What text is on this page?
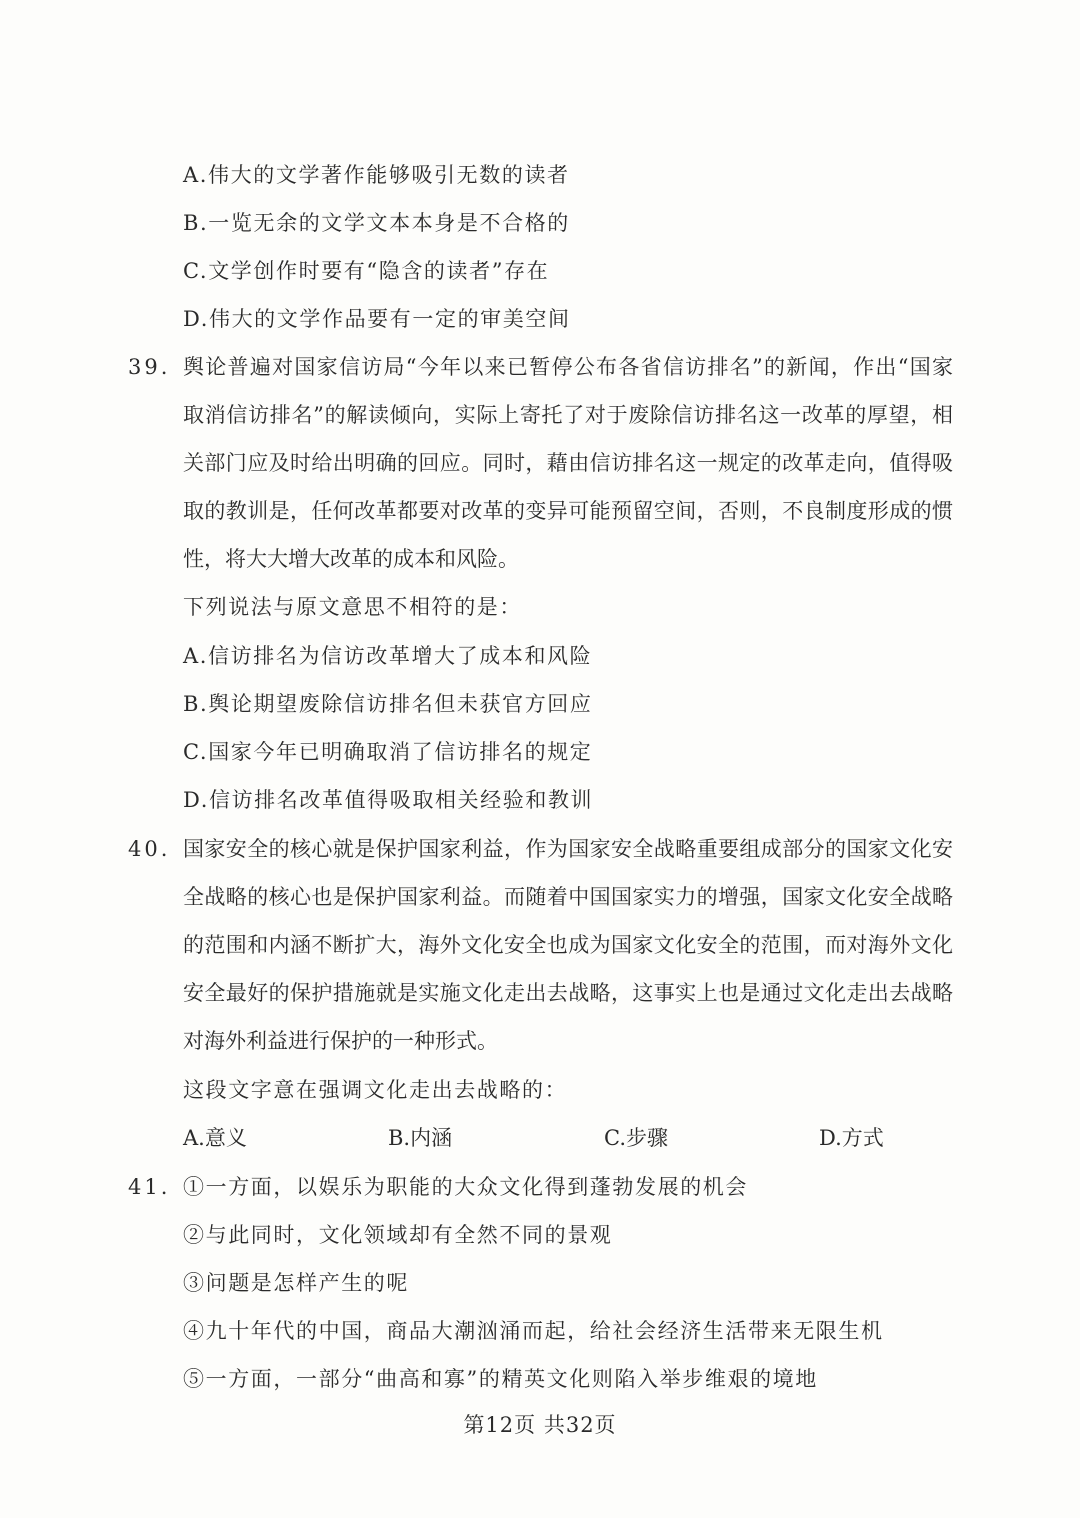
A.伟大的文学著作能够吸引无数的读者
B.一览无余的文学文本本身是不合格的
C.文学创作时要有“隐含的读者”存在
D.伟大的文学作品要有一定的审美空间
39. 舆论普遍对国家信访局“今年以来已暂停公布各省信访排名”的新闻，作出“国家
取消信访排名”的解读倾向，实际上寄托了对于废除信访排名这一改革的厚望，相
关部门应及时给出明确的回应。同时，藉由信访排名这一规定的改革走向，值得吸
取的教训是，任何改革都要对改革的变异可能预留空间，否则，不良制度形成的惯
性，将大大增大改革的成本和风险。
下列说法与原文意思不相符的是：
A.信访排名为信访改革增大了成本和风险
B.舆论期望废除信访排名但未获官方回应
C.国家今年已明确取消了信访排名的规定
D.信访排名改革值得吸取相关经验和教训
40. 国家安全的核心就是保护国家利益，作为国家安全战略重要组成部分的国家文化安
全战略的核心也是保护国家利益。而随着中国国家实力的增强，国家文化安全战略
的范围和内涵不断扩大，海外文化安全也成为国家文化安全的范围，而对海外文化
安全最好的保护措施就是实施文化走出去战略，这事实上也是通过文化走出去战略
对海外利益进行保护的一种形式。
这段文字意在强调文化走出去战略的：
A.意义	B.内涵	C.步骤	D.方式
41. ①一方面，以娱乐为职能的大众文化得到蓬勃发展的机会
②与此同时，文化领域却有全然不同的景观
③问题是怎样产生的呢
④九十年代的中国，商品大潮汹涌而起，给社会经济生活带来无限生机
⑤一方面，一部分“曲高和寡”的精英文化则陷入举步维艰的境地
第12页 共32页
